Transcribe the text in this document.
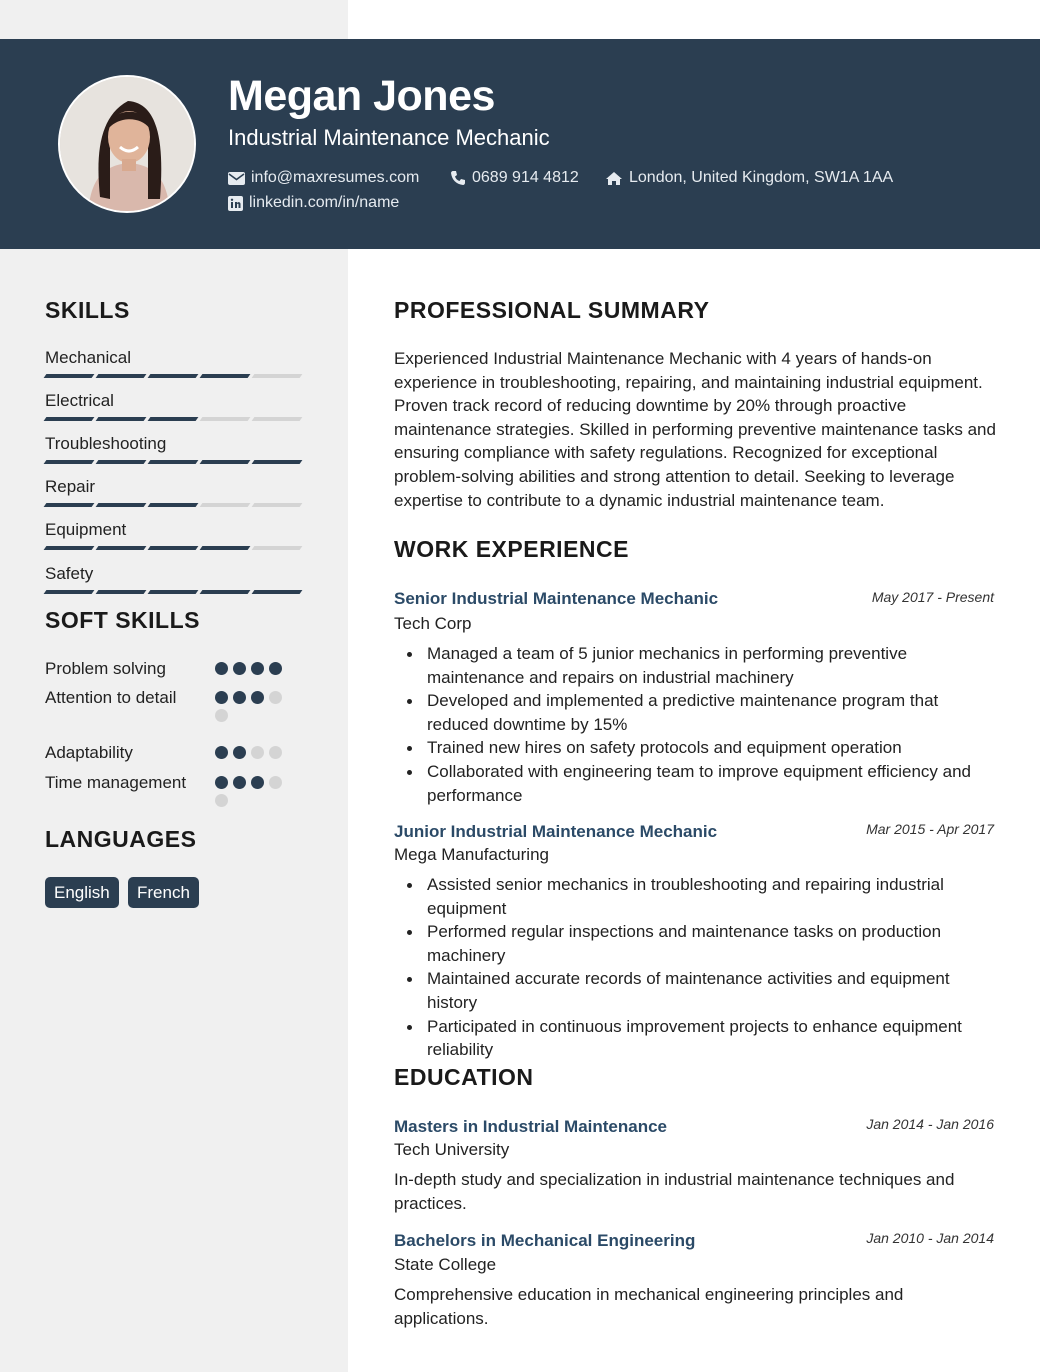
Megan Jones
Industrial Maintenance Mechanic
info@maxresumes.com	0689 914 4812	London, United Kingdom, SW1A 1AA
linkedin.com/in/name
SKILLS
Mechanical
Electrical
Troubleshooting
Repair
Equipment
Safety
SOFT SKILLS
Problem solving
Attention to detail
Adaptability
Time management
LANGUAGES
English	French
PROFESSIONAL SUMMARY
Experienced Industrial Maintenance Mechanic with 4 years of hands-on experience in troubleshooting, repairing, and maintaining industrial equipment. Proven track record of reducing downtime by 20% through proactive maintenance strategies. Skilled in performing preventive maintenance tasks and ensuring compliance with safety regulations. Recognized for exceptional problem-solving abilities and strong attention to detail. Seeking to leverage expertise to contribute to a dynamic industrial maintenance team.
WORK EXPERIENCE
Senior Industrial Maintenance Mechanic	May 2017 - Present
Tech Corp
Managed a team of 5 junior mechanics in performing preventive maintenance and repairs on industrial machinery
Developed and implemented a predictive maintenance program that reduced downtime by 15%
Trained new hires on safety protocols and equipment operation
Collaborated with engineering team to improve equipment efficiency and performance
Junior Industrial Maintenance Mechanic	Mar 2015 - Apr 2017
Mega Manufacturing
Assisted senior mechanics in troubleshooting and repairing industrial equipment
Performed regular inspections and maintenance tasks on production machinery
Maintained accurate records of maintenance activities and equipment history
Participated in continuous improvement projects to enhance equipment reliability
EDUCATION
Masters in Industrial Maintenance	Jan 2014 - Jan 2016
Tech University
In-depth study and specialization in industrial maintenance techniques and practices.
Bachelors in Mechanical Engineering	Jan 2010 - Jan 2014
State College
Comprehensive education in mechanical engineering principles and applications.
